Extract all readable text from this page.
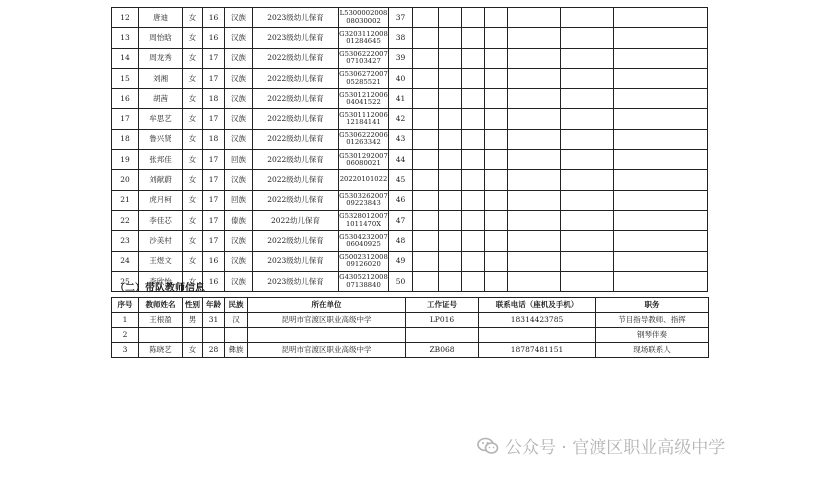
12	唐迪	女	16	汉族	2023级幼儿保育	L5300002008 08030002	37							
13	周怡晗	女	16	汉族	2023级幼儿保育	G3203112008 01284645	38							
14	周龙秀	女	17	汉族	2022级幼儿保育	G5306222007 07103427	39							
15	刘湘	女	17	汉族	2022级幼儿保育	G5306272007 05285521	40							
16	胡茜	女	18	汉族	2022级幼儿保育	G5301212006 04041522	41							
17	牟思艺	女	17	汉族	2022级幼儿保育	G5301112006 12184141	42							
18	鲁兴贤	女	18	汉族	2022级幼儿保育	G5306222006 01263342	43							
19	张邦佳	女	17	回族	2022级幼儿保育	G5301292007 06080021	44							
20	刘献蔚	女	17	汉族	2022级幼儿保育	20220101022	45							
21	虎月柯	女	17	回族	2022级幼儿保育	G5303262007 09223843	46							
22	李佳芯	女	17	傣族	2022幼儿保育	G5328012007 1011470X	47							
23	沙美村	女	17	汉族	2022级幼儿保育	G5304232007 06040925	48							
24	王煜文	女	16	汉族	2023级幼儿保育	G5002312008 09126020	49							
25	李欣怡	女	16	汉族	2023级幼儿保育	G4305212008 07138840	50							
（二）带队教师信息
序号	教师姓名	性别	年龄	民族	所在单位	工作证号	联系电话（座机及手机）	职务
1	王根盈	男	31	汉	昆明市官渡区职业高级中学	LP016	18314423785	节目指导教师、指挥
2								钢琴伴奏
3	陈晓艺	女	28	彝族	昆明市官渡区职业高级中学	ZB068	18787481151	现场联系人
公众号 · 官渡区职业高级中学
